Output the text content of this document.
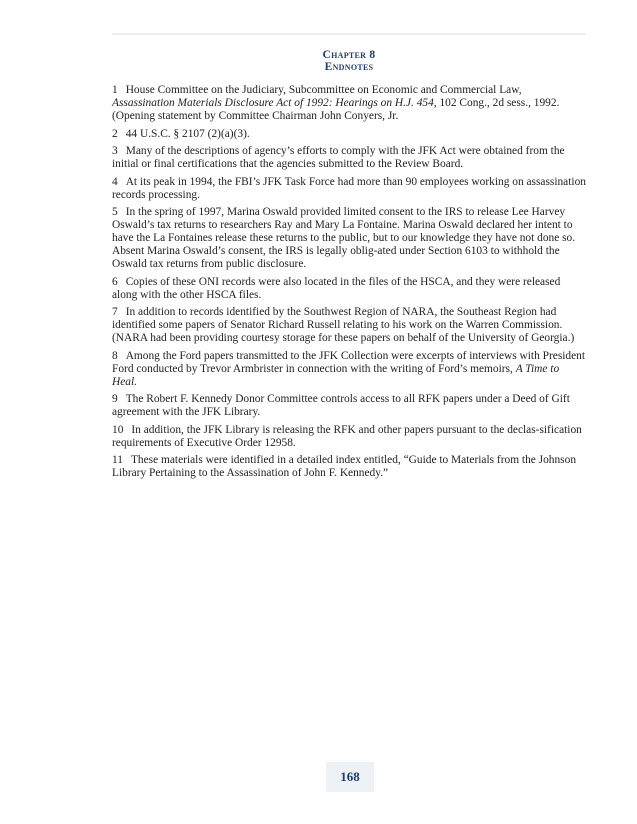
Chapter 8
Endnotes

1 House Committee on the Judiciary, Subcommittee on Economic and Commercial Law, Assassination Materials Disclosure Act of 1992: Hearings on H.J. 454, 102 Cong., 2d sess., 1992. (Opening statement by Committee Chairman John Conyers, Jr.

2 44 U.S.C. § 2107 (2)(a)(3).

3 Many of the descriptions of agency’s efforts to comply with the JFK Act were obtained from the initial or final certifications that the agencies submitted to the Review Board.

4 At its peak in 1994, the FBI’s JFK Task Force had more than 90 employees working on assassination records processing.

5 In the spring of 1997, Marina Oswald provided limited consent to the IRS to release Lee Harvey Oswald’s tax returns to researchers Ray and Mary La Fontaine. Marina Oswald declared her intent to have the La Fontaines release these returns to the public, but to our knowledge they have not done so. Absent Marina Oswald’s consent, the IRS is legally oblig-ated under Section 6103 to withhold the Oswald tax returns from public disclosure.

6 Copies of these ONI records were also located in the files of the HSCA, and they were released along with the other HSCA files.

7 In addition to records identified by the Southwest Region of NARA, the Southeast Region had identified some papers of Senator Richard Russell relating to his work on the Warren Commission. (NARA had been providing courtesy storage for these papers on behalf of the University of Georgia.)

8 Among the Ford papers transmitted to the JFK Collection were excerpts of interviews with President Ford conducted by Trevor Armbrister in connection with the writing of Ford’s memoirs, A Time to Heal.

9 The Robert F. Kennedy Donor Committee controls access to all RFK papers under a Deed of Gift agreement with the JFK Library.

10 In addition, the JFK Library is releasing the RFK and other papers pursuant to the declas-sification requirements of Executive Order 12958.

11 These materials were identified in a detailed index entitled, “Guide to Materials from the Johnson Library Pertaining to the Assassination of John F. Kennedy.”

168
